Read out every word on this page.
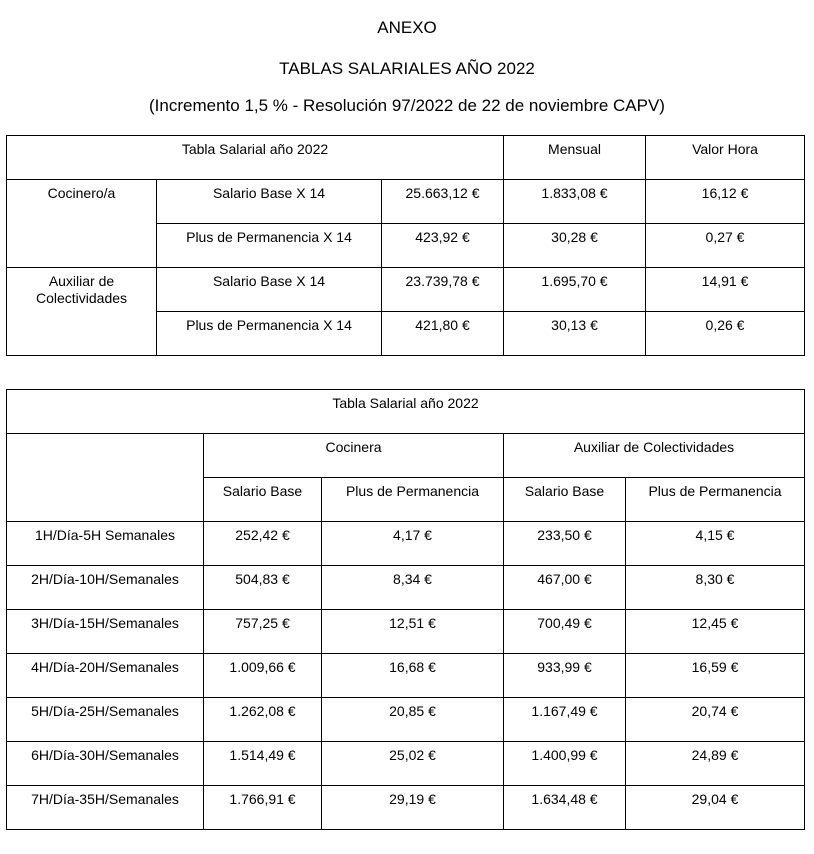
ANEXO
TABLAS SALARIALES AÑO 2022
(Incremento 1,5 % - Resolución 97/2022 de 22 de noviembre CAPV)
Tabla Salarial año 2022			Mensual	Valor Hora
Cocinero/a	Salario Base X 14	25.663,12 €	1.833,08 €	16,12 €
	Plus de Permanencia X 14	423,92 €	30,28 €	0,27 €
Auxiliar de Colectividades	Salario Base X 14	23.739,78 €	1.695,70 €	14,91 €
	Plus de Permanencia X 14	421,80 €	30,13 €	0,26 €
Tabla Salarial año 2022				
	Cocinera		Auxiliar de Colectividades	
	Salario Base	Plus de Permanencia	Salario Base	Plus de Permanencia
1H/Día-5H Semanales	252,42 €	4,17 €	233,50 €	4,15 €
2H/Día-10H/Semanales	504,83 €	8,34 €	467,00 €	8,30 €
3H/Día-15H/Semanales	757,25 €	12,51 €	700,49 €	12,45 €
4H/Día-20H/Semanales	1.009,66 €	16,68 €	933,99 €	16,59 €
5H/Día-25H/Semanales	1.262,08 €	20,85 €	1.167,49 €	20,74 €
6H/Día-30H/Semanales	1.514,49 €	25,02 €	1.400,99 €	24,89 €
7H/Día-35H/Semanales	1.766,91 €	29,19 €	1.634,48 €	29,04 €
